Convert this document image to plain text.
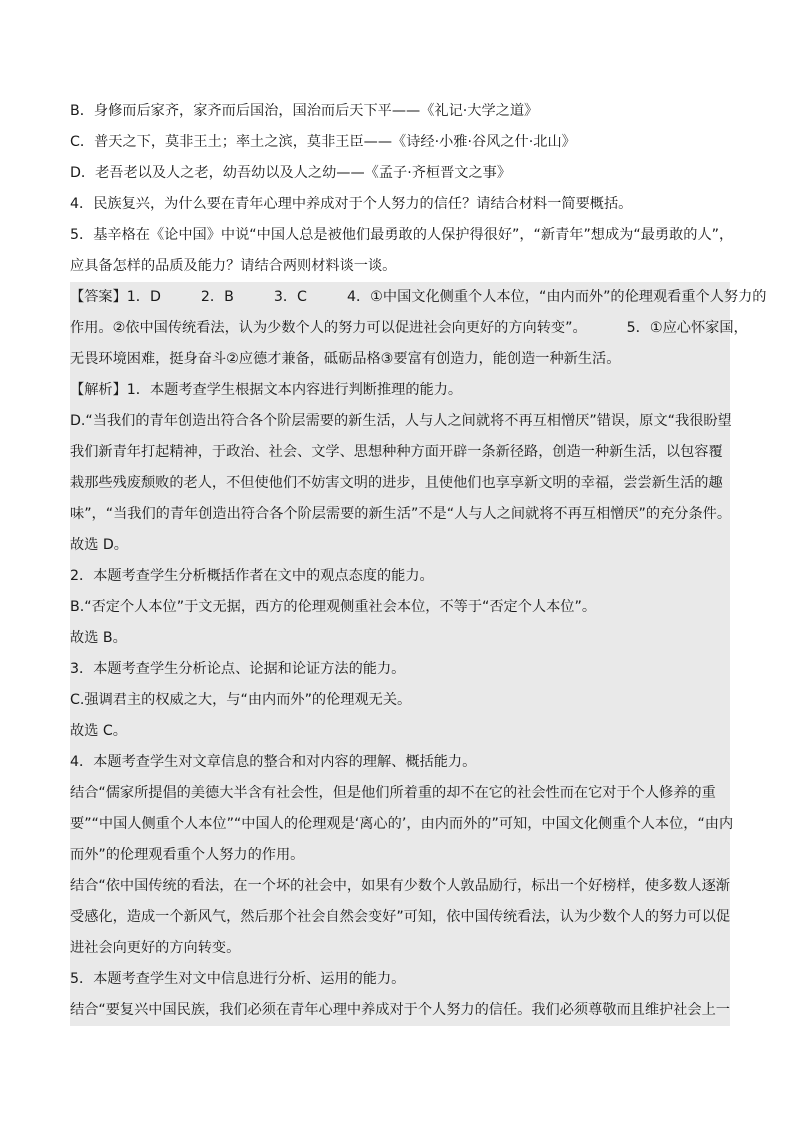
B．身修而后家齐，家齐而后国治，国治而后天下平——《礼记·大学之道》
C．普天之下，莫非王土；率土之滨，莫非王臣——《诗经·小雅·谷风之什·北山》
D．老吾老以及人之老，幼吾幼以及人之幼——《孟子·齐桓晋文之事》
4．民族复兴，为什么要在青年心理中养成对于个人努力的信任？请结合材料一简要概括。
5．基辛格在《论中国》中说“中国人总是被他们最勇敢的人保护得很好”，“新青年”想成为“最勇敢的人”，
应具备怎样的品质及能力？请结合两则材料谈一谈。
【答案】1．D	2．B	3．C	4．①中国文化侧重个人本位，“由内而外”的伦理观看重个人努力的
作用。②依中国传统看法，认为少数个人的努力可以促进社会向更好的方向转变”。	5．①应心怀家国，
无畏环境困难，挺身奋斗②应德才兼备，砥砺品格③要富有创造力，能创造一种新生活。
【解析】1．本题考查学生根据文本内容进行判断推理的能力。
D.“当我们的青年创造出符合各个阶层需要的新生活，人与人之间就将不再互相憎厌”错误，原文“我很盼望
我们新青年打起精神，于政治、社会、文学、思想种种方面开辟一条新径路，创造一种新生活，以包容覆
栽那些残废颓败的老人，不但使他们不妨害文明的进步，且使他们也享享新文明的幸福，尝尝新生活的趣
味”，“当我们的青年创造出符合各个阶层需要的新生活”不是“人与人之间就将不再互相憎厌”的充分条件。
故选 D。
2．本题考查学生分析概括作者在文中的观点态度的能力。
B.“否定个人本位”于文无据，西方的伦理观侧重社会本位，不等于“否定个人本位”。
故选 B。
3．本题考查学生分析论点、论据和论证方法的能力。
C.强调君主的权威之大，与“由内而外”的伦理观无关。
故选 C。
4．本题考查学生对文章信息的整合和对内容的理解、概括能力。
结合“儒家所提倡的美德大半含有社会性，但是他们所着重的却不在它的社会性而在它对于个人修养的重
要”“中国人侧重个人本位”“中国人的伦理观是‘离心的’，由内而外的”可知，中国文化侧重个人本位，“由内
而外”的伦理观看重个人努力的作用。
结合“依中国传统的看法，在一个坏的社会中，如果有少数个人敦品励行，标出一个好榜样，使多数人逐渐
受感化，造成一个新风气，然后那个社会自然会变好”可知，依中国传统看法，认为少数个人的努力可以促
进社会向更好的方向转变。
5．本题考查学生对文中信息进行分析、运用的能力。
结合“要复兴中国民族，我们必须在青年心理中养成对于个人努力的信任。我们必须尊敬而且维护社会上一
